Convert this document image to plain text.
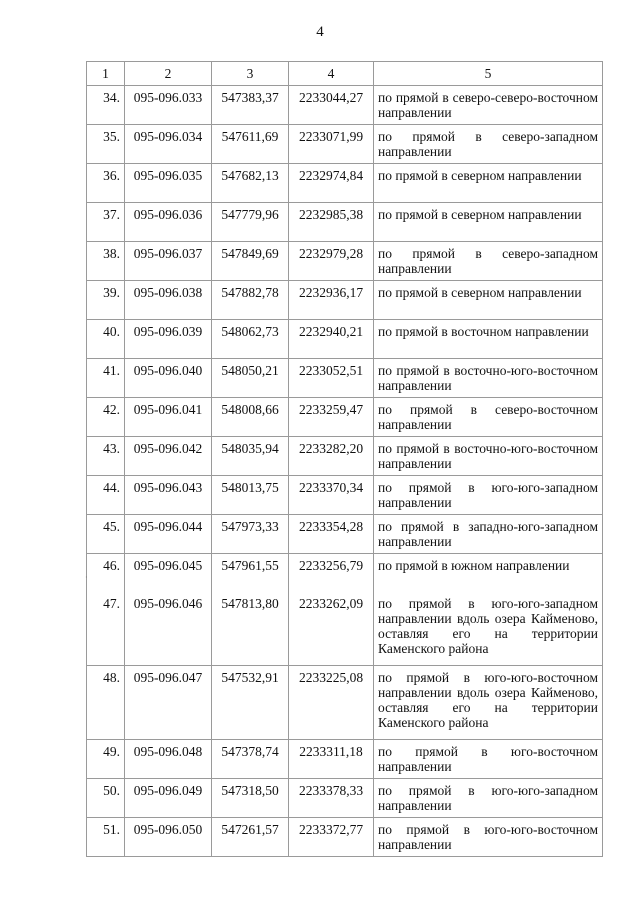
4
1	2	3	4	5
34.	095-096.033	547383,37	2233044,27	по прямой в северо-северо-восточном направлении
35.	095-096.034	547611,69	2233071,99	по прямой в северо-западном направлении
36.	095-096.035	547682,13	2232974,84	по прямой в северном направлении
37.	095-096.036	547779,96	2232985,38	по прямой в северном направлении
38.	095-096.037	547849,69	2232979,28	по прямой в северо-западном направлении
39.	095-096.038	547882,78	2232936,17	по прямой в северном направлении
40.	095-096.039	548062,73	2232940,21	по прямой в восточном направлении
41.	095-096.040	548050,21	2233052,51	по прямой в восточно-юго-восточном направлении
42.	095-096.041	548008,66	2233259,47	по прямой в северо-восточном направлении
43.	095-096.042	548035,94	2233282,20	по прямой в восточно-юго-восточном направлении
44.	095-096.043	548013,75	2233370,34	по прямой в юго-юго-западном направлении
45.	095-096.044	547973,33	2233354,28	по прямой в западно-юго-западном направлении
46.	095-096.045	547961,55	2233256,79	по прямой в южном направлении
47.	095-096.046	547813,80	2233262,09	по прямой в юго-юго-западном направлении вдоль озера Кайменово, оставляя его на территории Каменского района
48.	095-096.047	547532,91	2233225,08	по прямой в юго-юго-восточном направлении вдоль озера Кайменово, оставляя его на территории Каменского района
49.	095-096.048	547378,74	2233311,18	по прямой в юго-восточном направлении
50.	095-096.049	547318,50	2233378,33	по прямой в юго-юго-западном направлении
51.	095-096.050	547261,57	2233372,77	по прямой в юго-юго-восточном направлении
·
